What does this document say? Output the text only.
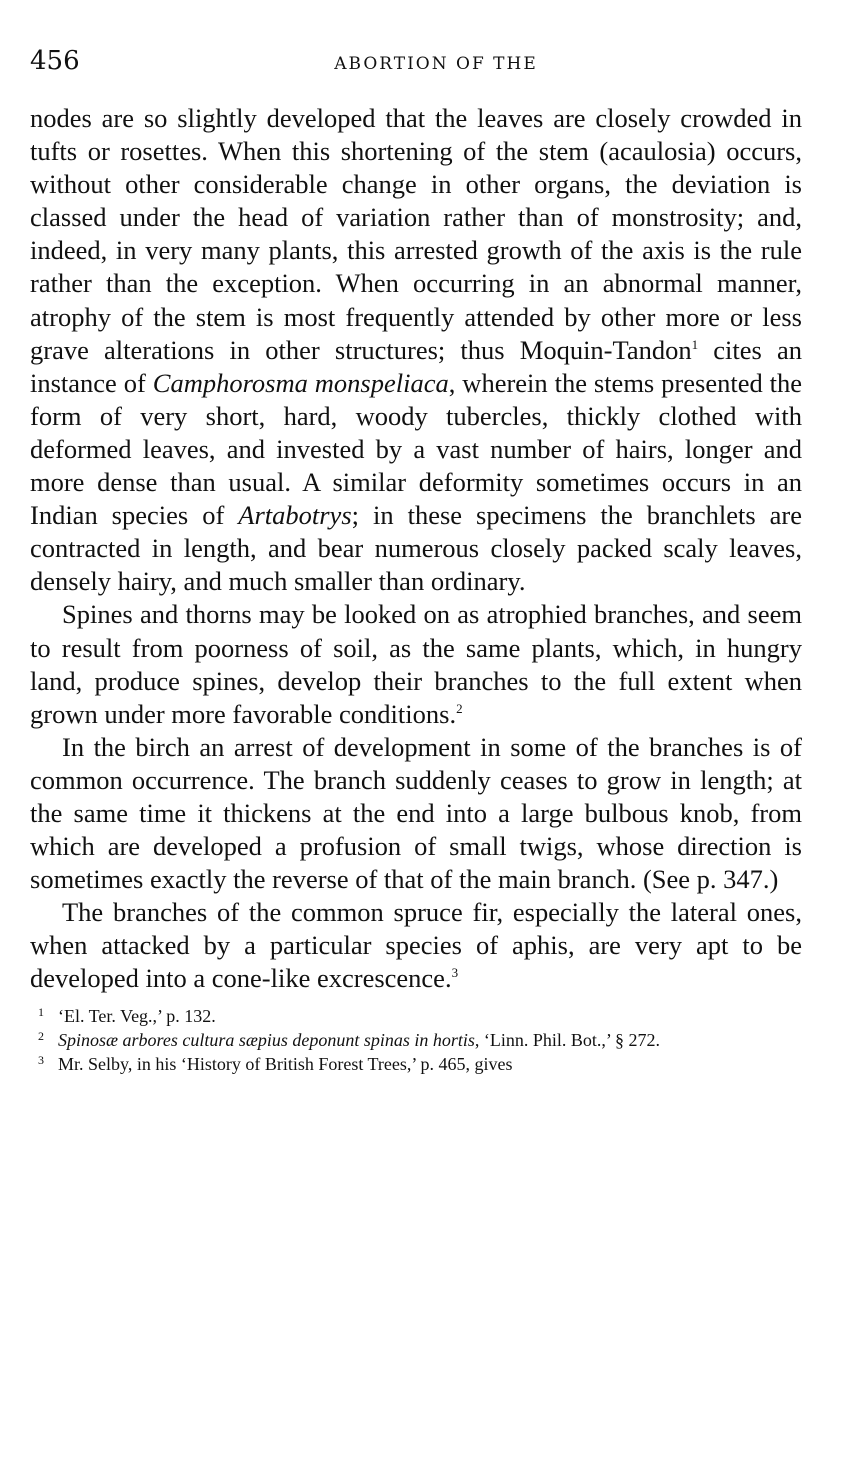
456	ABORTION OF THE

nodes are so slightly developed that the leaves are closely crowded in tufts or rosettes. When this shortening of the stem (acaulosia) occurs, without other considerable change in other organs, the deviation is classed under the head of variation rather than of monstrosity; and, indeed, in very many plants, this arrested growth of the axis is the rule rather than the exception. When occurring in an abnormal manner, atrophy of the stem is most frequently attended by other more or less grave alterations in other structures; thus Moquin-Tandon$^1$ cites an instance of Camphorosma monspeliaca, wherein the stems presented the form of very short, hard, woody tubercles, thickly clothed with deformed leaves, and invested by a vast number of hairs, longer and more dense than usual. A similar deformity sometimes occurs in an Indian species of Artabotrys; in these specimens the branchlets are contracted in length, and bear numerous closely packed scaly leaves, densely hairy, and much smaller than ordinary.

Spines and thorns may be looked on as atrophied branches, and seem to result from poorness of soil, as the same plants, which, in hungry land, produce spines, develop their branches to the full extent when grown under more favorable conditions.$^2$

In the birch an arrest of development in some of the branches is of common occurrence. The branch suddenly ceases to grow in length; at the same time it thickens at the end into a large bulbous knob, from which are developed a profusion of small twigs, whose direction is sometimes exactly the reverse of that of the main branch. (See p. 347.)

The branches of the common spruce fir, especially the lateral ones, when attacked by a particular species of aphis, are very apt to be developed into a cone-like excrescence.$^3$

1 ‘El. Ter. Veg.,’ p. 132.
2 Spinosæ arbores cultura sæpius deponunt spinas in hortis, ‘Linn. Phil. Bot.,’ § 272.
3 Mr. Selby, in his ‘History of British Forest Trees,’ p. 465, gives
